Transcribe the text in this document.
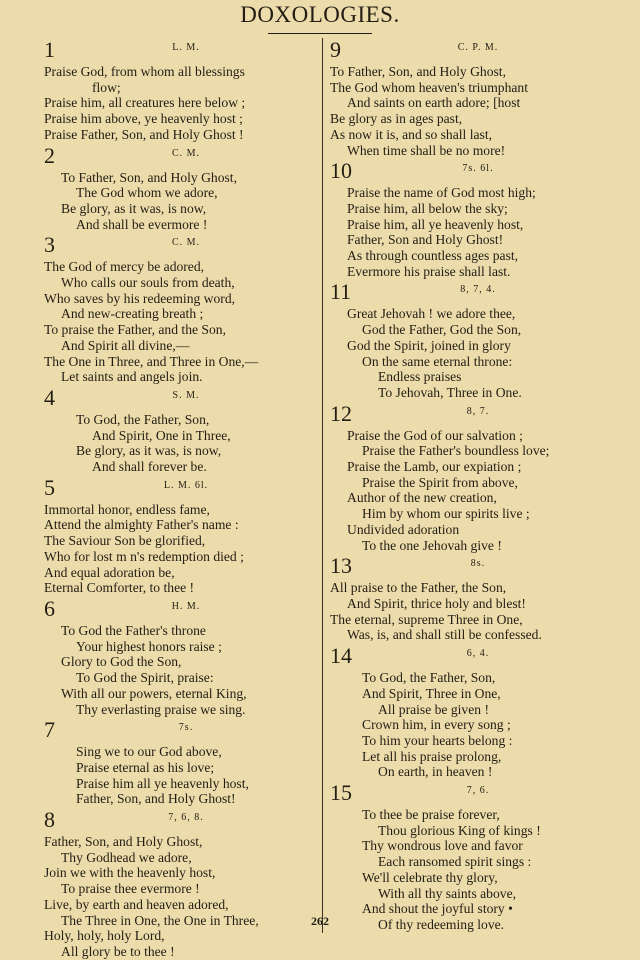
DOXOLOGIES.
1	L. M.
Praise God, from whom all blessings
flow;
Praise him, all creatures here below ;
Praise him above, ye heavenly host ;
Praise Father, Son, and Holy Ghost !
2	C. M.
To Father, Son, and Holy Ghost,
The God whom we adore,
Be glory, as it was, is now,
And shall be evermore !
3	C. M.
The God of mercy be adored,
Who calls our souls from death,
Who saves by his redeeming word,
And new-creating breath ;
To praise the Father, and the Son,
And Spirit all divine,—
The One in Three, and Three in One,—
Let saints and angels join.
4	S. M.
To God, the Father, Son,
And Spirit, One in Three,
Be glory, as it was, is now,
And shall forever be.
5	L. M. 6l.
Immortal honor, endless fame,
Attend the almighty Father's name :
The Saviour Son be glorified,
Who for lost m n's redemption died ;
And equal adoration be,
Eternal Comforter, to thee !
6	H. M.
To God the Father's throne
Your highest honors raise ;
Glory to God the Son,
To God the Spirit, praise:
With all our powers, eternal King,
Thy everlasting praise we sing.
7	7s.
Sing we to our God above,
Praise eternal as his love;
Praise him all ye heavenly host,
Father, Son, and Holy Ghost!
8	7, 6, 8.
Father, Son, and Holy Ghost,
Thy Godhead we adore,
Join we with the heavenly host,
To praise thee evermore !
Live, by earth and heaven adored,
The Three in One, the One in Three,
Holy, holy, holy Lord,
All glory be to thee !
9	C. P. M.
To Father, Son, and Holy Ghost,
The God whom heaven's triumphant
And saints on earth adore; [host
Be glory as in ages past,
As now it is, and so shall last,
When time shall be no more!
10	7s. 6l.
Praise the name of God most high;
Praise him, all below the sky;
Praise him, all ye heavenly host,
Father, Son and Holy Ghost!
As through countless ages past,
Evermore his praise shall last.
11	8, 7, 4.
Great Jehovah ! we adore thee,
God the Father, God the Son,
God the Spirit, joined in glory
On the same eternal throne:
Endless praises
To Jehovah, Three in One.
12	8, 7.
Praise the God of our salvation ;
Praise the Father's boundless love;
Praise the Lamb, our expiation ;
Praise the Spirit from above,
Author of the new creation,
Him by whom our spirits live ;
Undivided adoration
To the one Jehovah give !
13	8s.
All praise to the Father, the Son,
And Spirit, thrice holy and blest!
The eternal, supreme Three in One,
Was, is, and shall still be confessed.
14	6, 4.
To God, the Father, Son,
And Spirit, Three in One,
All praise be given !
Crown him, in every song ;
To him your hearts belong :
Let all his praise prolong,
On earth, in heaven !
15	7, 6.
To thee be praise forever,
Thou glorious King of kings !
Thy wondrous love and favor
Each ransomed spirit sings :
We'll celebrate thy glory,
With all thy saints above,
And shout the joyful story •
Of thy redeeming love.
262
